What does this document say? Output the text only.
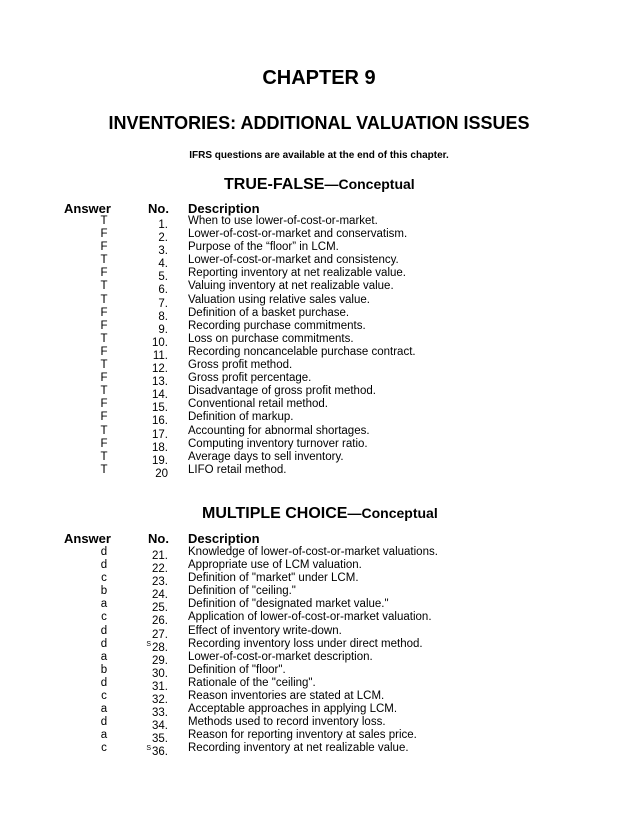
CHAPTER 9
INVENTORIES: ADDITIONAL VALUATION ISSUES
IFRS questions are available at the end of this chapter.
TRUE-FALSE—Conceptual
Answer	No. Description
T	1. When to use lower-of-cost-or-market.
F	2. Lower-of-cost-or-market and conservatism.
F	3. Purpose of the “floor” in LCM.
T	4. Lower-of-cost-or-market and consistency.
F	5. Reporting inventory at net realizable value.
T	6. Valuing inventory at net realizable value.
T	7. Valuation using relative sales value.
F	8. Definition of a basket purchase.
F	9. Recording purchase commitments.
T	10. Loss on purchase commitments.
F	11. Recording noncancelable purchase contract.
T	12. Gross profit method.
F	13. Gross profit percentage.
T	14. Disadvantage of gross profit method.
F	15. Conventional retail method.
F	16. Definition of markup.
T	17. Accounting for abnormal shortages.
F	18. Computing inventory turnover ratio.
T	19. Average days to sell inventory.
T	20 LIFO retail method.
MULTIPLE CHOICE—Conceptual
Answer	No. Description
d	21. Knowledge of lower-of-cost-or-market valuations.
d	22. Appropriate use of LCM valuation.
c	23. Definition of "market" under LCM.
b	24. Definition of "ceiling."
a	25. Definition of "designated market value."
c	26. Application of lower-of-cost-or-market valuation.
d	27. Effect of inventory write-down.
d	$^S$28. Recording inventory loss under direct method.
a	29. Lower-of-cost-or-market description.
b	30. Definition of "floor".
d	31. Rationale of the "ceiling".
c	32. Reason inventories are stated at LCM.
a	33. Acceptable approaches in applying LCM.
d	34. Methods used to record inventory loss.
a	35. Reason for reporting inventory at sales price.
c	$^S$36. Recording inventory at net realizable value.
